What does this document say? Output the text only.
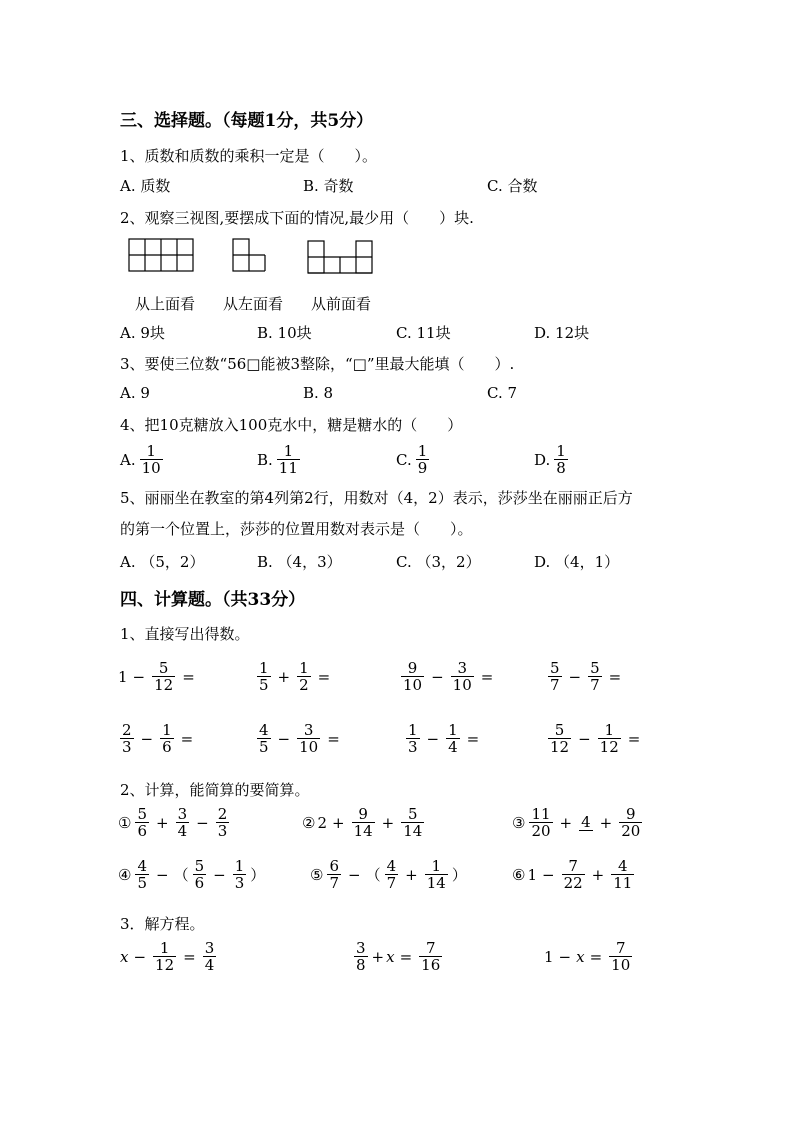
三、选择题。（每题1分，共5分）
1、质数和质数的乘积一定是（　　）。
A. 质数	B. 奇数	C. 合数
2、观察三视图,要摆成下面的情况,最少用（　　）块.
从上面看 从左面看 从前面看
A. 9块	B. 10块	C. 11块	D. 12块
3、要使三位数“56□能被3整除，“□”里最大能填（　　）.
A. 9	B. 8	C. 7
4、把10克糖放入100克水中，糖是糖水的（　　）
A. $\frac{1}{10}$	B. $\frac{1}{11}$	C. $\frac{1}{9}$	D. $\frac{1}{8}$
5、丽丽坐在教室的第4列第2行，用数对（4，2）表示，莎莎坐在丽丽正后方
的第一个位置上，莎莎的位置用数对表示是（　　）。
A. （5，2）	B. （4，3）	C. （3，2）	D. （4，1）
四、计算题。（共33分）
1、直接写出得数。
$1 - \frac{5}{12}$ =	$\frac{1}{5} + \frac{1}{2}$ =	$\frac{9}{10} - \frac{3}{10}$ =	$\frac{5}{7} - \frac{5}{7}$ =
$\frac{2}{3} - \frac{1}{6}$ =	$\frac{4}{5} - \frac{3}{10}$ =	$\frac{1}{3} - \frac{1}{4}$ =	$\frac{5}{12} - \frac{1}{12}$ =
2、计算，能简算的要简算。
① $\frac{5}{6} + \frac{3}{4} - \frac{2}{3}$	② $2 + \frac{9}{14} + \frac{5}{14}$	③ $\frac{11}{20} + 4 + \frac{9}{20}$
④ $\frac{4}{5}$ − （ $\frac{5}{6} - \frac{1}{3}$ ）	⑤ $\frac{6}{7}$ − （ $\frac{4}{7} + \frac{1}{14}$ ）	⑥ $1 - \frac{7}{22} + \frac{4}{11}$
3．解方程。
$x - \frac{1}{12} = \frac{3}{4}$	$\frac{3}{8} + x = \frac{7}{16}$	$1 - x = \frac{7}{10}$
